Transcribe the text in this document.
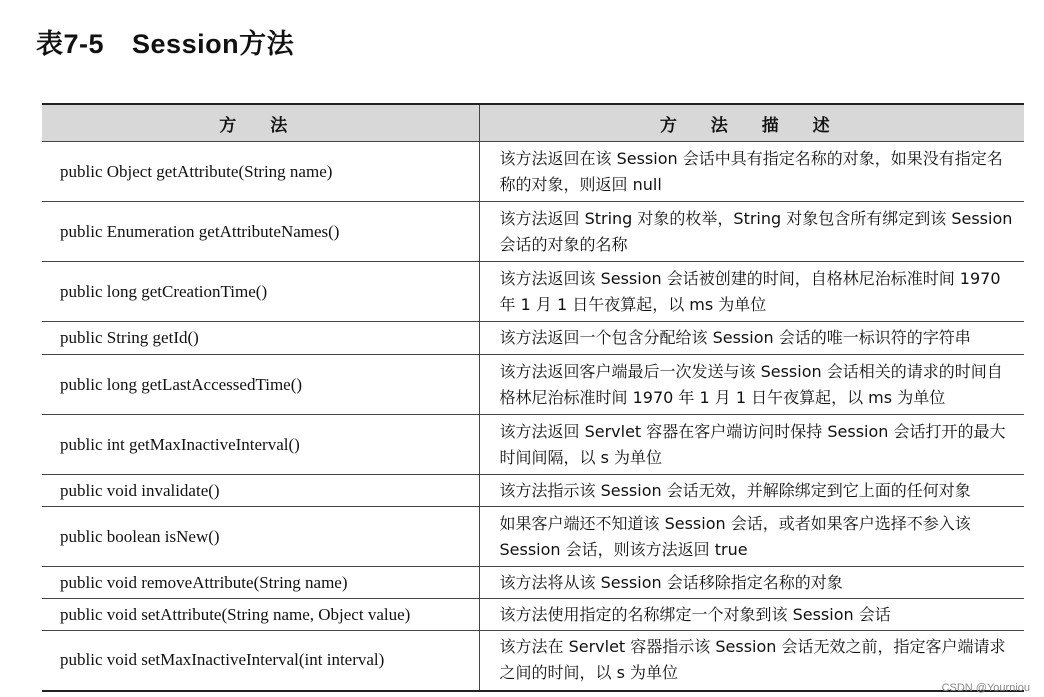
表7-5 Session方法
方 法	方 法 描 述
public Object getAttribute(String name)	该方法返回在该 Session 会话中具有指定名称的对象，如果没有指定名称的对象，则返回 null
public Enumeration getAttributeNames()	该方法返回 String 对象的枚举，String 对象包含所有绑定到该 Session 会话的对象的名称
public long getCreationTime()	该方法返回该 Session 会话被创建的时间，自格林尼治标准时间 1970 年 1 月 1 日午夜算起，以 ms 为单位
public String getId()	该方法返回一个包含分配给该 Session 会话的唯一标识符的字符串
public long getLastAccessedTime()	该方法返回客户端最后一次发送与该 Session 会话相关的请求的时间自格林尼治标准时间 1970 年 1 月 1 日午夜算起，以 ms 为单位
public int getMaxInactiveInterval()	该方法返回 Servlet 容器在客户端访问时保持 Session 会话打开的最大时间间隔，以 s 为单位
public void invalidate()	该方法指示该 Session 会话无效，并解除绑定到它上面的任何对象
public boolean isNew()	如果客户端还不知道该 Session 会话，或者如果客户选择不参入该 Session 会话，则该方法返回 true
public void removeAttribute(String name)	该方法将从该 Session 会话移除指定名称的对象
public void setAttribute(String name, Object value)	该方法使用指定的名称绑定一个对象到该 Session 会话
public void setMaxInactiveInterval(int interval)	该方法在 Servlet 容器指示该 Session 会话无效之前，指定客户端请求之间的时间，以 s 为单位
CSDN @Yourniou
